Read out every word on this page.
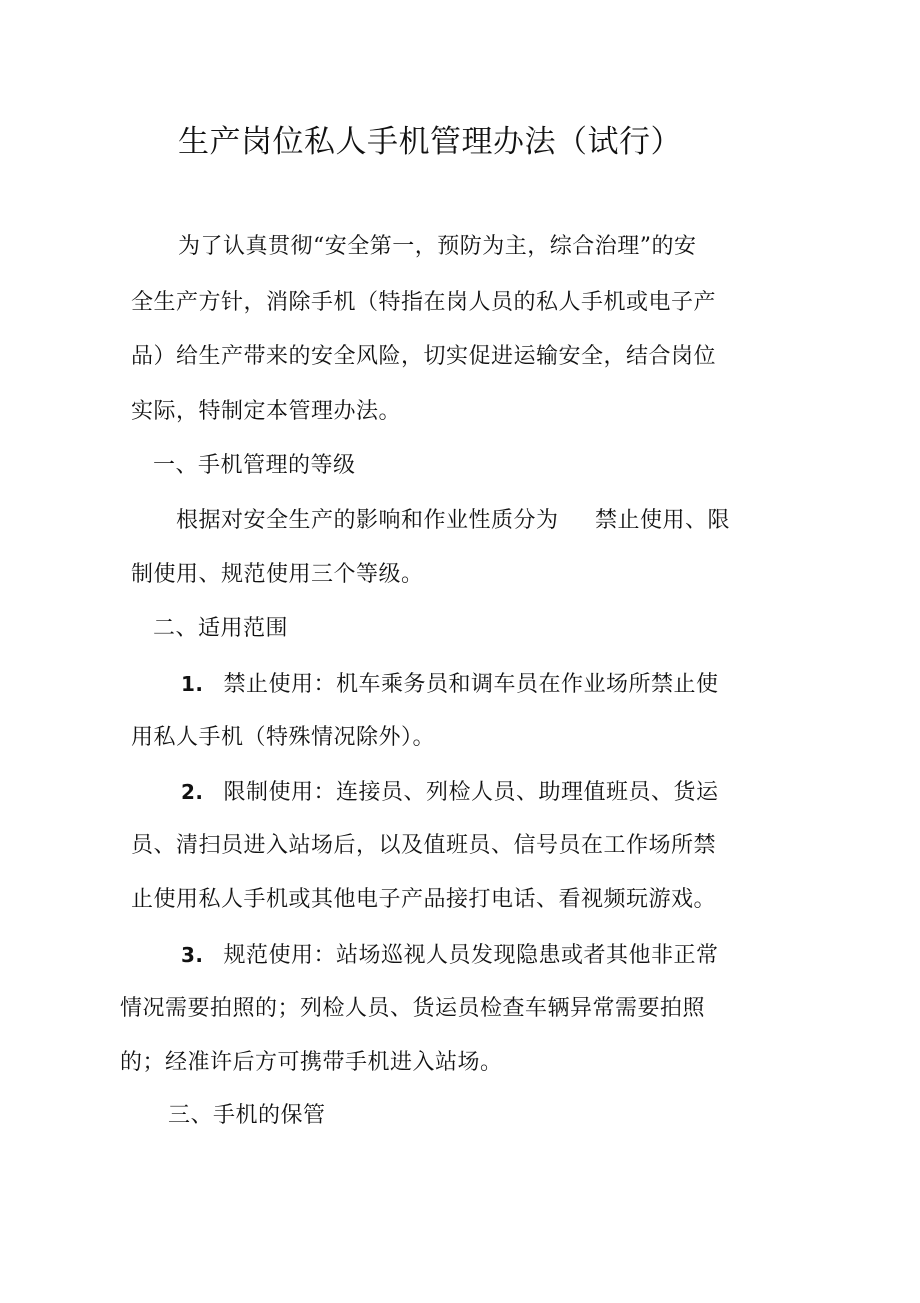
生产岗位私人手机管理办法（试行）
为了认真贯彻“安全第一，预防为主，综合治理”的安
全生产方针，消除手机（特指在岗人员的私人手机或电子产
品）给生产带来的安全风险，切实促进运输安全，结合岗位
实际，特制定本管理办法。
一、手机管理的等级
根据对安全生产的影响和作业性质分为 禁止使用、限
制使用、规范使用三个等级。
二、适用范围
1. 禁止使用：机车乘务员和调车员在作业场所禁止使
用私人手机（特殊情况除外）。
2. 限制使用：连接员、列检人员、助理值班员、货运
员、清扫员进入站场后，以及值班员、信号员在工作场所禁
止使用私人手机或其他电子产品接打电话、看视频玩游戏。
3. 规范使用：站场巡视人员发现隐患或者其他非正常
情况需要拍照的；列检人员、货运员检查车辆异常需要拍照
的；经准许后方可携带手机进入站场。
三、手机的保管
